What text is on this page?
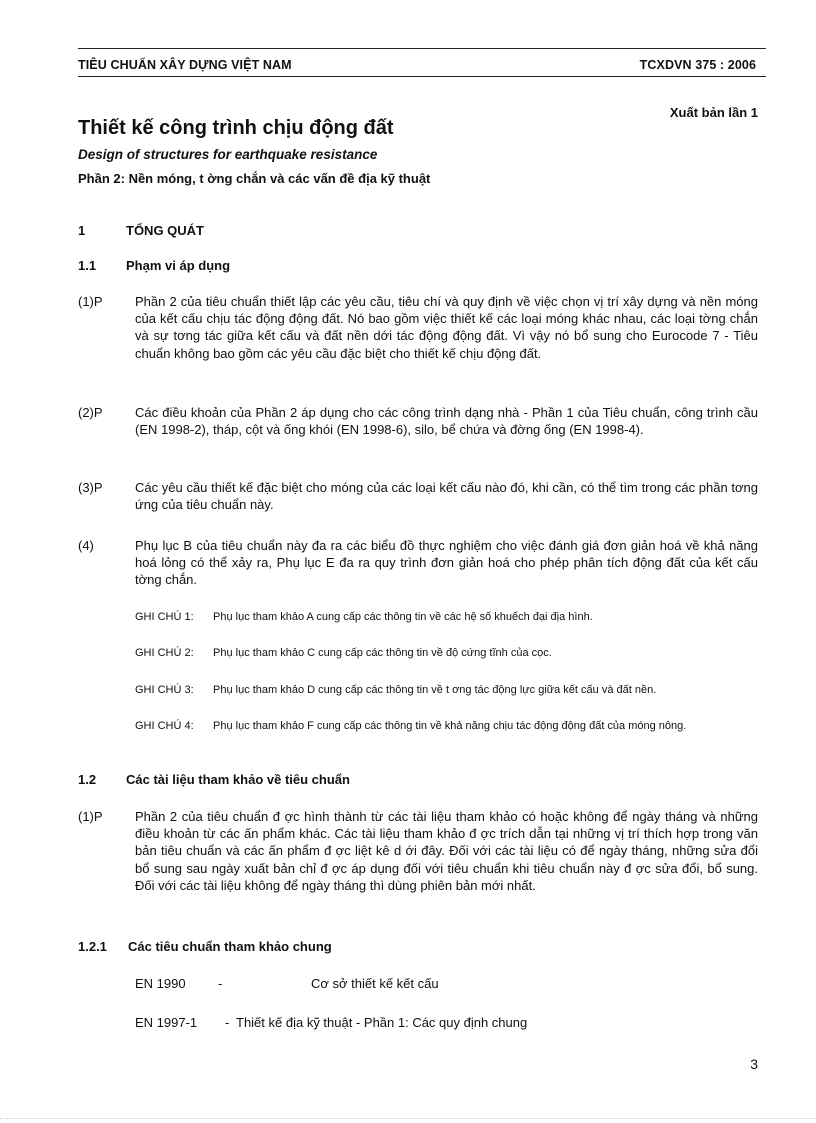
TIÊU CHUẨN XÂY DỰNG VIỆT NAM	TCXDVN 375 : 2006
Xuất bản lần 1
Thiết kế công trình chịu động đất
Design of structures for earthquake resistance
Phần 2: Nền móng, t ờng chắn và các vấn đề địa kỹ thuật
1	TỔNG QUÁT
1.1 Phạm vi áp dụng
(1)P	Phần 2 của tiêu chuẩn thiết lập các yêu cầu, tiêu chí và quy định về việc chọn vị trí xây dựng và nền móng của kết cấu chịu tác động động đất. Nó bao gồm việc thiết kế các loại móng khác nhau, các loại tờng chắn và sự tơng tác giữa kết cấu và đất nền dới tác động động đất. Vì vậy nó bổ sung cho Eurocode 7 - Tiêu chuẩn không bao gồm các yêu cầu đặc biệt cho thiết kế chịu động đất.
(2)P	Các điều khoản của Phần 2 áp dụng cho các công trình dạng nhà - Phần 1 của Tiêu chuẩn, công trình cầu (EN 1998-2), tháp, cột và ống khói (EN 1998-6), silo, bể chứa và đờng ống (EN 1998-4).
(3)P	Các yêu cầu thiết kế đặc biệt cho móng của các loại kết cấu nào đó, khi cần, có thể tìm trong các phần tơng ứng của tiêu chuẩn này.
(4)	Phụ lục B của tiêu chuẩn này đa ra các biểu đồ thực nghiệm cho việc đánh giá đơn giản hoá về khả năng hoá lỏng có thể xảy ra, Phụ lục E đa ra quy trình đơn giản hoá cho phép phân tích động đất của kết cấu tờng chắn.
GHI CHÚ 1:	Phụ lục tham khảo A cung cấp các thông tin về các hệ số khuếch đại địa hình.
GHI CHÚ 2:	Phụ lục tham khảo C cung cấp các thông tin về độ cứng tĩnh của cọc.
GHI CHÚ 3:	Phụ lục tham khảo D cung cấp các thông tin về t ơng tác động lực giữa kết cấu và đất nền.
GHI CHÚ 4:	Phụ lục tham khảo F cung cấp các thông tin về khả năng chịu tác động động đất của móng nông.
1.2 Các tài liệu tham khảo về tiêu chuẩn
(1)P	Phần 2 của tiêu chuẩn đ ợc hình thành từ các tài liệu tham khảo có hoặc không để ngày tháng và những điều khoản từ các ấn phẩm khác. Các tài liệu tham khảo đ ợc trích dẫn tại những vị trí thích hợp trong văn bản tiêu chuẩn và các ấn phẩm đ ợc liệt kê d ới đây. Đối với các tài liệu có để ngày tháng, những sửa đổi bổ sung sau ngày xuất bản chỉ đ ợc áp dụng đối với tiêu chuẩn khi tiêu chuẩn này đ ợc sửa đổi, bổ sung. Đối với các tài liệu không để ngày tháng thì dùng phiên bản mới nhất.
1.2.1 Các tiêu chuẩn tham khảo chung
EN 1990 -	Cơ sở thiết kế kết cấu
EN 1997-1 - Thiết kế địa kỹ thuật - Phần 1: Các quy định chung
3
